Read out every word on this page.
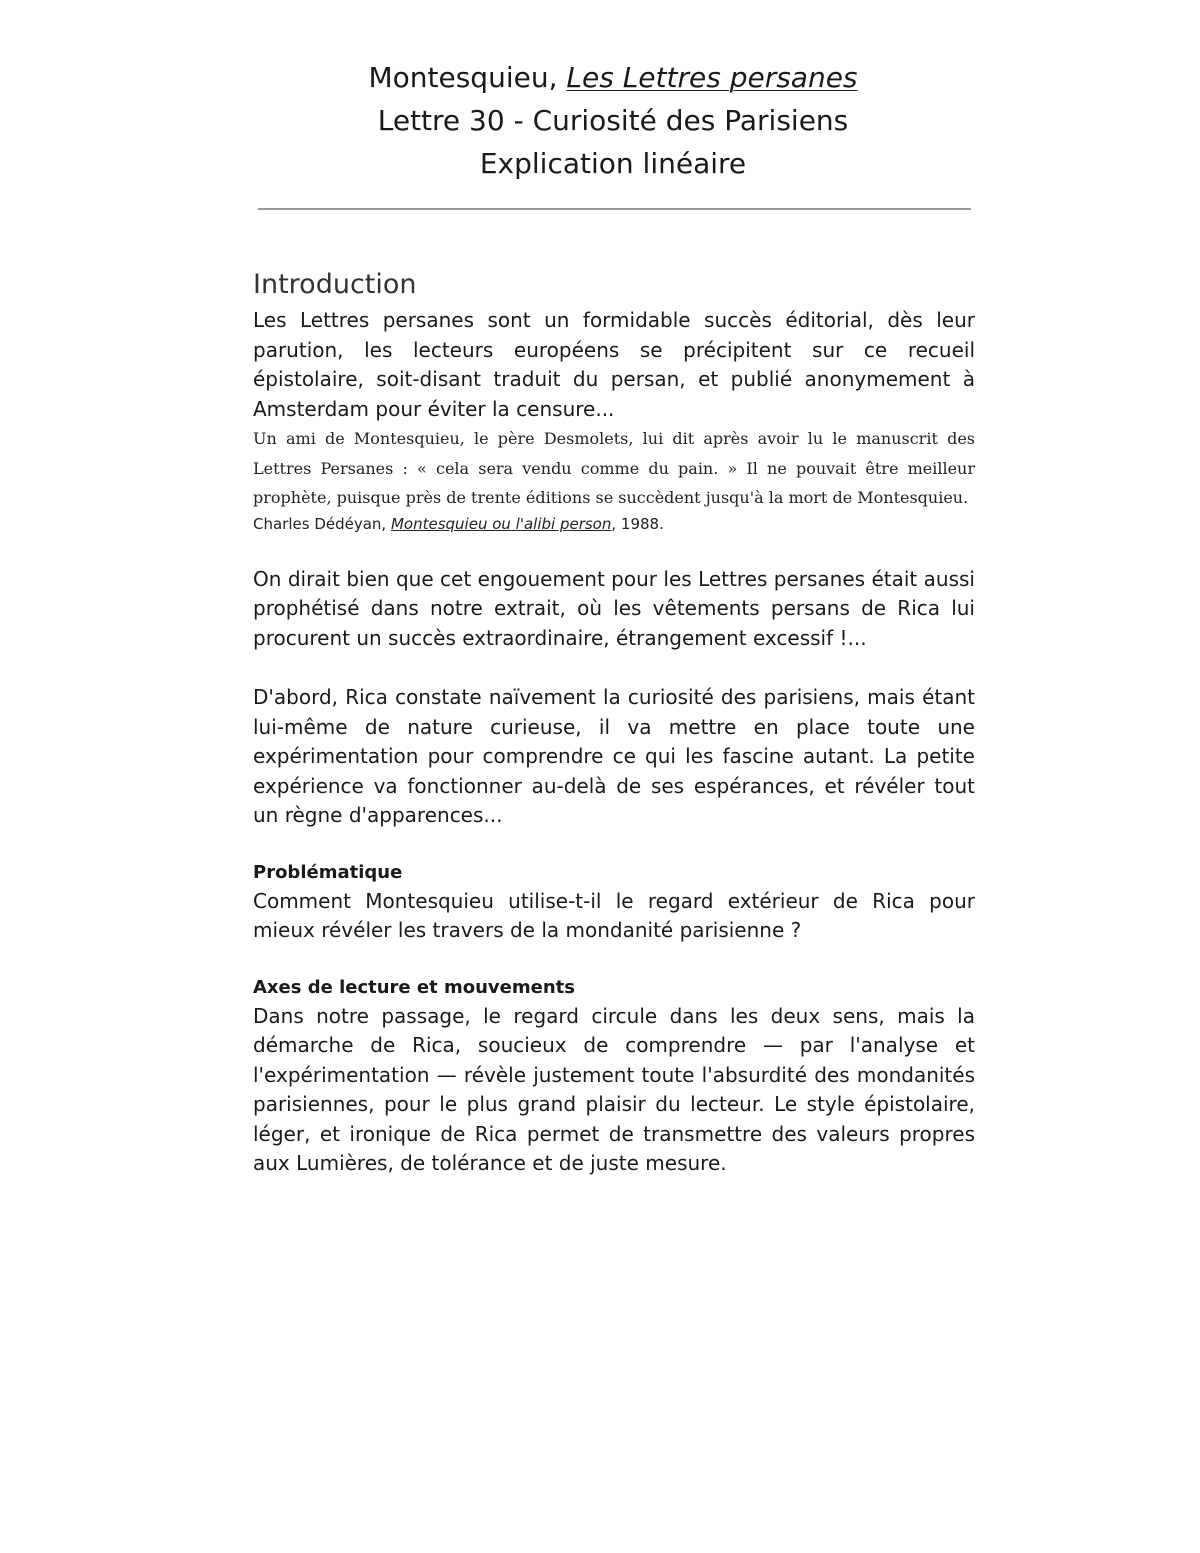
Montesquieu, Les Lettres persanes
Lettre 30 - Curiosité des Parisiens
Explication linéaire
Introduction

Les Lettres persanes sont un formidable succès éditorial, dès leur parution, les lecteurs européens se précipitent sur ce recueil épistolaire, soit-disant traduit du persan, et publié anonymement à Amsterdam pour éviter la censure...

Un ami de Montesquieu, le père Desmolets, lui dit après avoir lu le manuscrit des Lettres Persanes : « cela sera vendu comme du pain. » Il ne pouvait être meilleur prophète, puisque près de trente éditions se succèdent jusqu'à la mort de Montesquieu.

Charles Dédéyan, Montesquieu ou l'alibi person, 1988.

On dirait bien que cet engouement pour les Lettres persanes était aussi prophétisé dans notre extrait, où les vêtements persans de Rica lui procurent un succès extraordinaire, étrangement excessif !...

D'abord, Rica constate naïvement la curiosité des parisiens, mais étant lui-même de nature curieuse, il va mettre en place toute une expérimentation pour comprendre ce qui les fascine autant. La petite expérience va fonctionner au-delà de ses espérances, et révéler tout un règne d'apparences...

Problématique

Comment Montesquieu utilise-t-il le regard extérieur de Rica pour mieux révéler les travers de la mondanité parisienne ?

Axes de lecture et mouvements

Dans notre passage, le regard circule dans les deux sens, mais la démarche de Rica, soucieux de comprendre — par l'analyse et l'expérimentation — révèle justement toute l'absurdité des mondanités parisiennes, pour le plus grand plaisir du lecteur. Le style épistolaire, léger, et ironique de Rica permet de transmettre des valeurs propres aux Lumières, de tolérance et de juste mesure.
